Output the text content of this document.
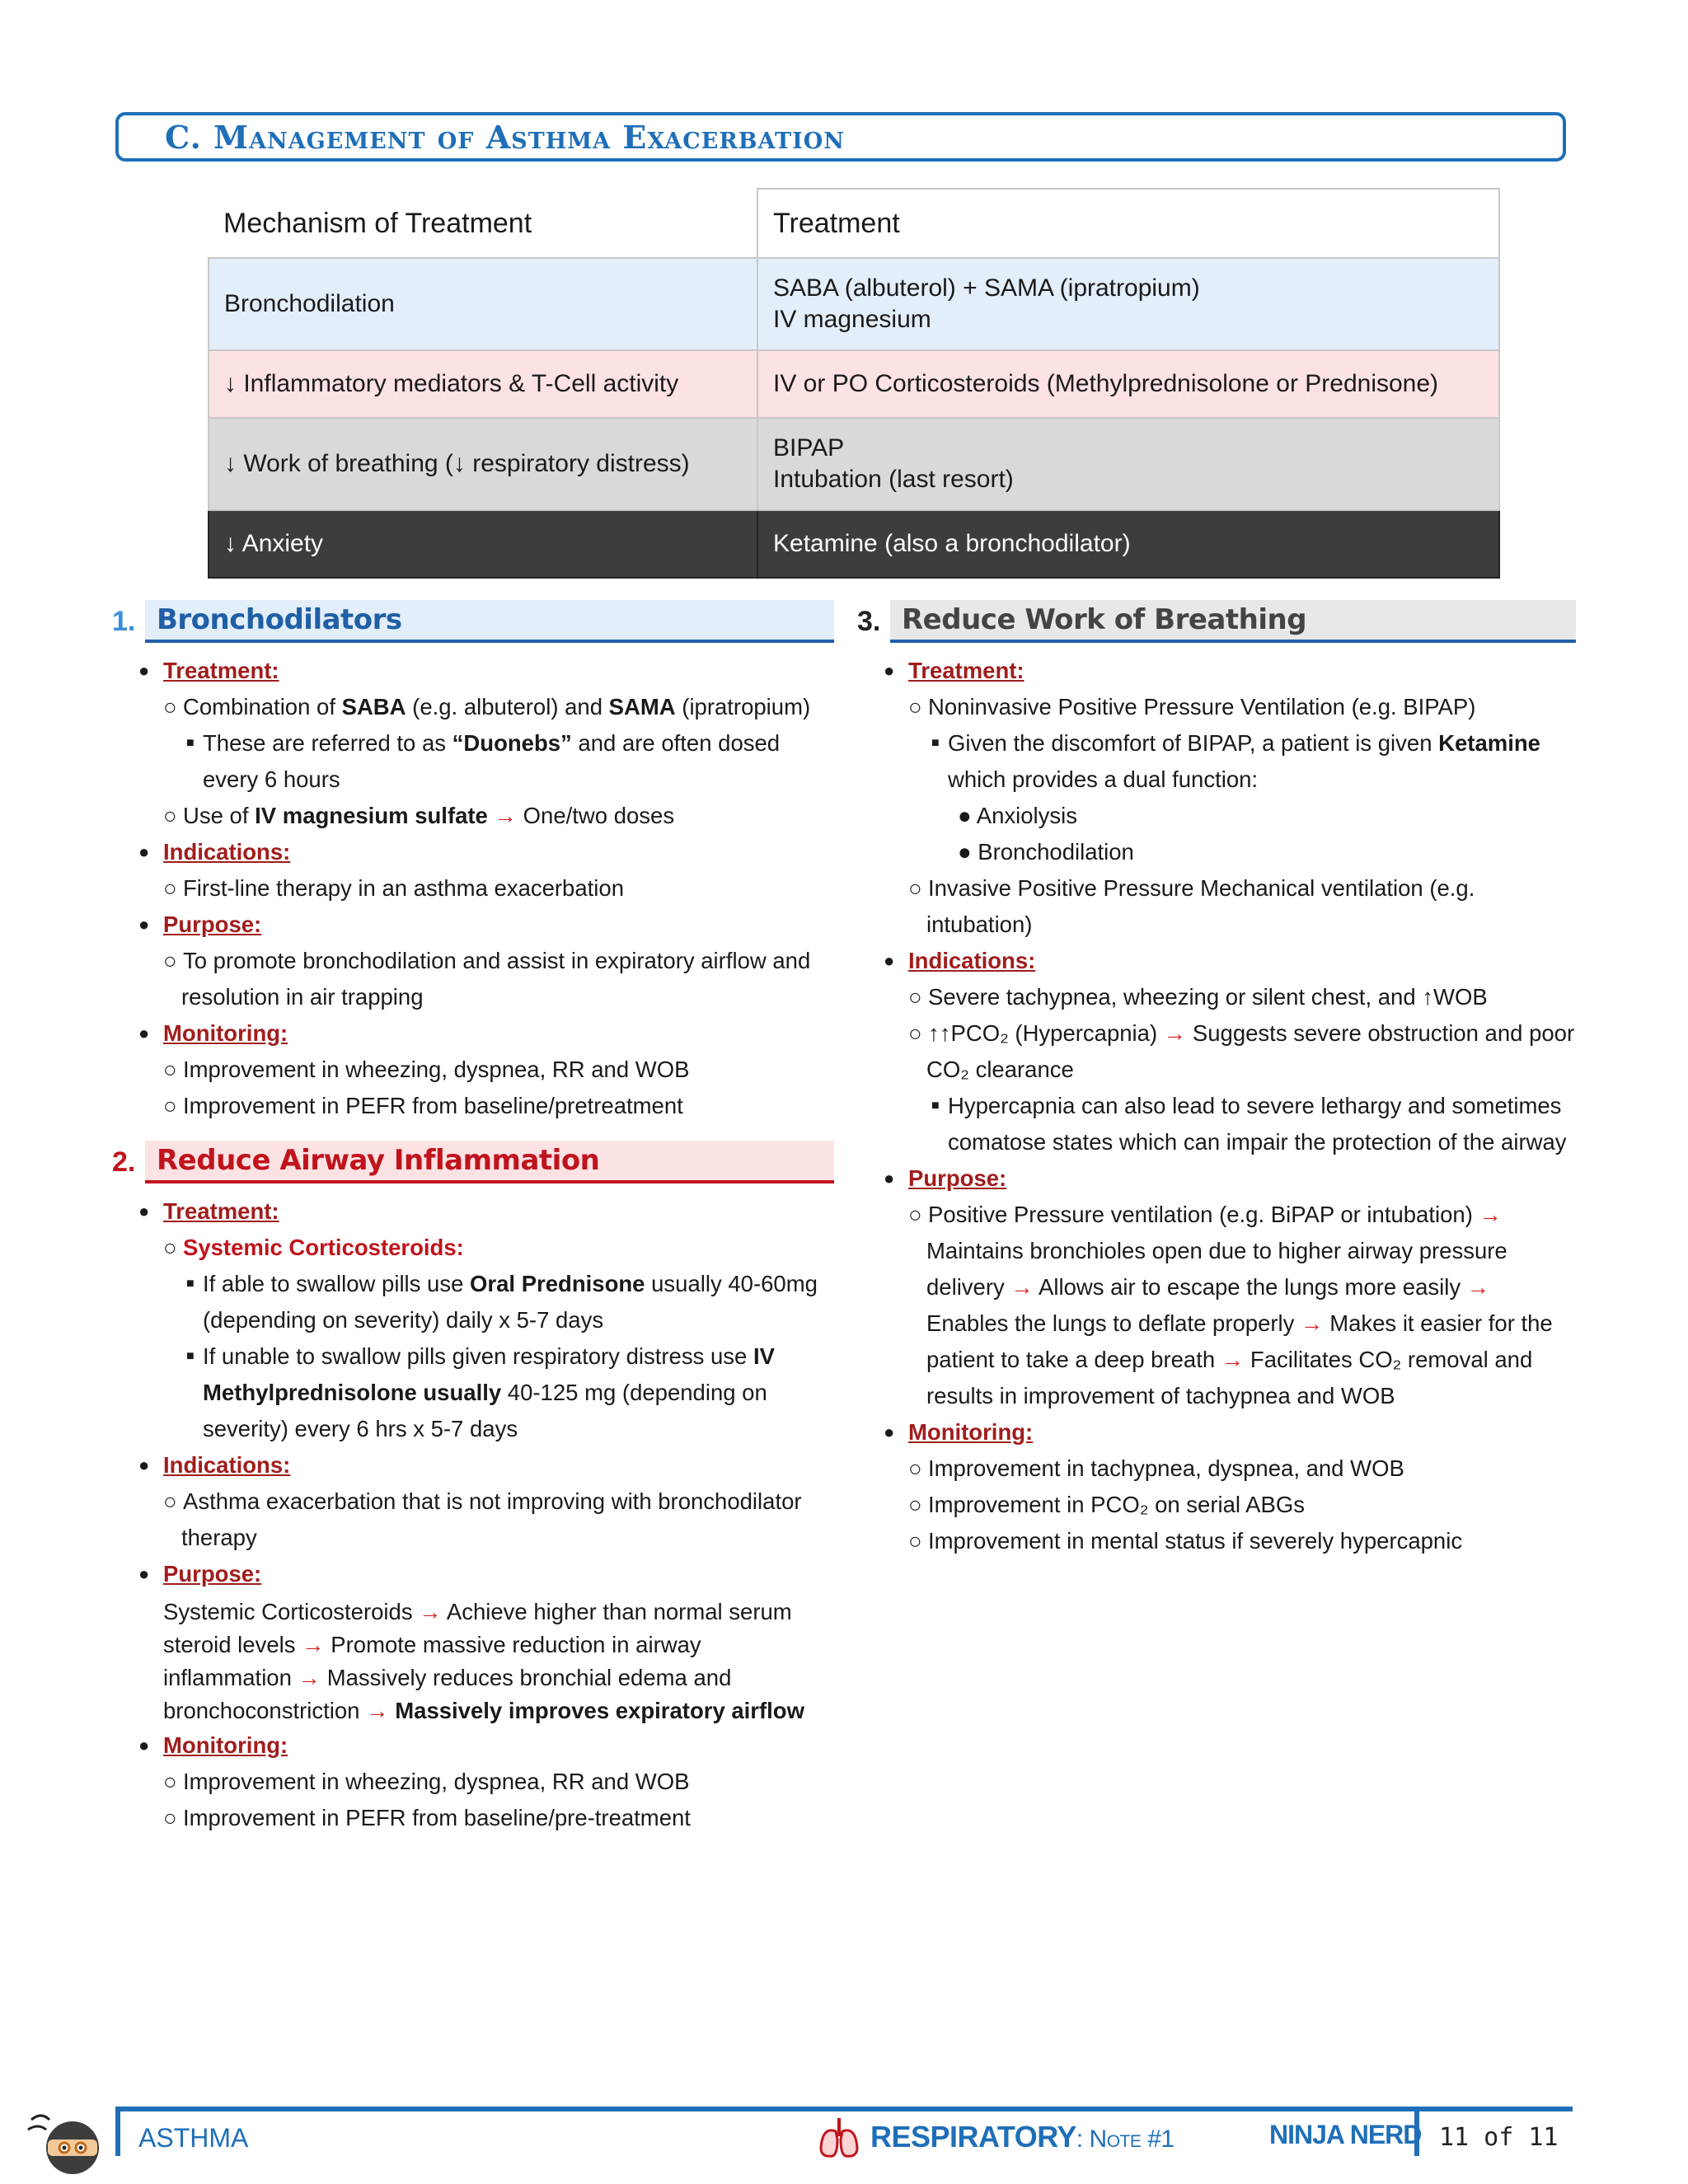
C. Management of Asthma Exacerbation
Mechanism of Treatment	Treatment
Bronchodilation	SABA (albuterol) + SAMA (ipratropium)
IV magnesium

↓ Inflammatory mediators & T-Cell activity	IV or PO Corticosteroids (Methylprednisolone or Prednisone)

↓ Work of breathing (↓ respiratory distress)	BIPAP
Intubation (last resort)

↓ Anxiety	Ketamine (also a bronchodilator)
1. Bronchodilators
● Treatment:
○ Combination of SABA (e.g. albuterol) and SAMA (ipratropium)
■ These are referred to as “Duonebs” and are often dosed every 6 hours
○ Use of IV magnesium sulfate → One/two doses
● Indications:
○ First-line therapy in an asthma exacerbation
● Purpose:
○ To promote bronchodilation and assist in expiratory airflow and resolution in air trapping
● Monitoring:
○ Improvement in wheezing, dyspnea, RR and WOB
○ Improvement in PEFR from baseline/pretreatment
2. Reduce Airway Inflammation
● Treatment:
○ Systemic Corticosteroids:
■ If able to swallow pills use Oral Prednisone usually 40-60mg (depending on severity) daily x 5-7 days
■ If unable to swallow pills given respiratory distress use IV Methylprednisolone usually 40-125 mg (depending on severity) every 6 hrs x 5-7 days
● Indications:
○ Asthma exacerbation that is not improving with bronchodilator therapy
● Purpose:
Systemic Corticosteroids → Achieve higher than normal serum steroid levels → Promote massive reduction in airway inflammation → Massively reduces bronchial edema and bronchoconstriction → Massively improves expiratory airflow
● Monitoring:
○ Improvement in wheezing, dyspnea, RR and WOB
○ Improvement in PEFR from baseline/pre-treatment
3. Reduce Work of Breathing
● Treatment:
○ Noninvasive Positive Pressure Ventilation (e.g. BIPAP)
■ Given the discomfort of BIPAP, a patient is given Ketamine which provides a dual function:
● Anxiolysis
● Bronchodilation
○ Invasive Positive Pressure Mechanical ventilation (e.g. intubation)
● Indications:
○ Severe tachypnea, wheezing or silent chest, and ↑WOB
○ ↑↑PCO₂ (Hypercapnia) → Suggests severe obstruction and poor CO₂ clearance
■ Hypercapnia can also lead to severe lethargy and sometimes comatose states which can impair the protection of the airway
● Purpose:
○ Positive Pressure ventilation (e.g. BiPAP or intubation) → Maintains bronchioles open due to higher airway pressure delivery → Allows air to escape the lungs more easily → Enables the lungs to deflate properly → Makes it easier for the patient to take a deep breath → Facilitates CO₂ removal and results in improvement of tachypnea and WOB
● Monitoring:
○ Improvement in tachypnea, dyspnea, and WOB
○ Improvement in PCO₂ on serial ABGs
○ Improvement in mental status if severely hypercapnic
ASTHMA	RESPIRATORY: Note #1	NINJA NERD 11 of 11
